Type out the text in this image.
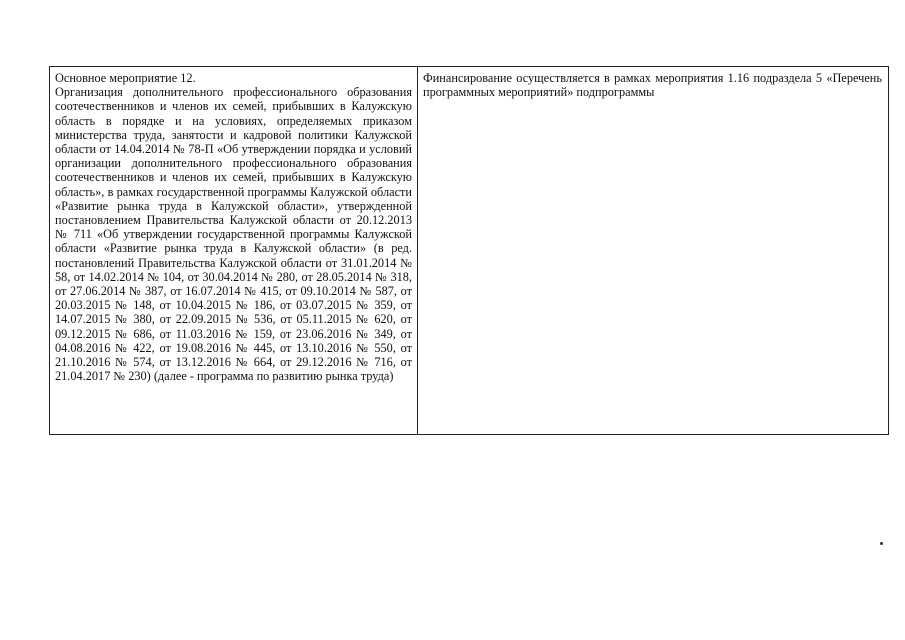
Основное мероприятие 12.

Организация дополнительного профессионального образования соотечественников и членов их семей, прибывших в Калужскую область в порядке и на условиях, определяемых приказом министерства труда, занятости и кадровой политики Калужской области от 14.04.2014 № 78-П «Об утверждении порядка и условий организации дополнительного профессионального образования соотечественников и членов их семей, прибывших в Калужскую область», в рамках государственной программы Калужской области «Развитие рынка труда в Калужской области», утвержденной постановлением Правительства Калужской области от 20.12.2013 № 711 «Об утверждении государственной программы Калужской области «Развитие рынка труда в Калужской области» (в ред. постановлений Правительства Калужской области от 31.01.2014 № 58, от 14.02.2014 № 104, от 30.04.2014 № 280, от 28.05.2014 № 318, от 27.06.2014 № 387, от 16.07.2014 № 415, от 09.10.2014 № 587, от 20.03.2015 № 148, от 10.04.2015 № 186, от 03.07.2015 № 359, от 14.07.2015 № 380, от 22.09.2015 № 536, от 05.11.2015 № 620, от 09.12.2015 № 686, от 11.03.2016 № 159, от 23.06.2016 № 349, от 04.08.2016 № 422, от 19.08.2016 № 445, от 13.10.2016 № 550, от 21.10.2016 № 574, от 13.12.2016 № 664, от 29.12.2016 № 716, от 21.04.2017 № 230) (далее - программа по развитию рынка труда)

Финансирование осуществляется в рамках мероприятия 1.16 подраздела 5 «Перечень программных мероприятий» подпрограммы
